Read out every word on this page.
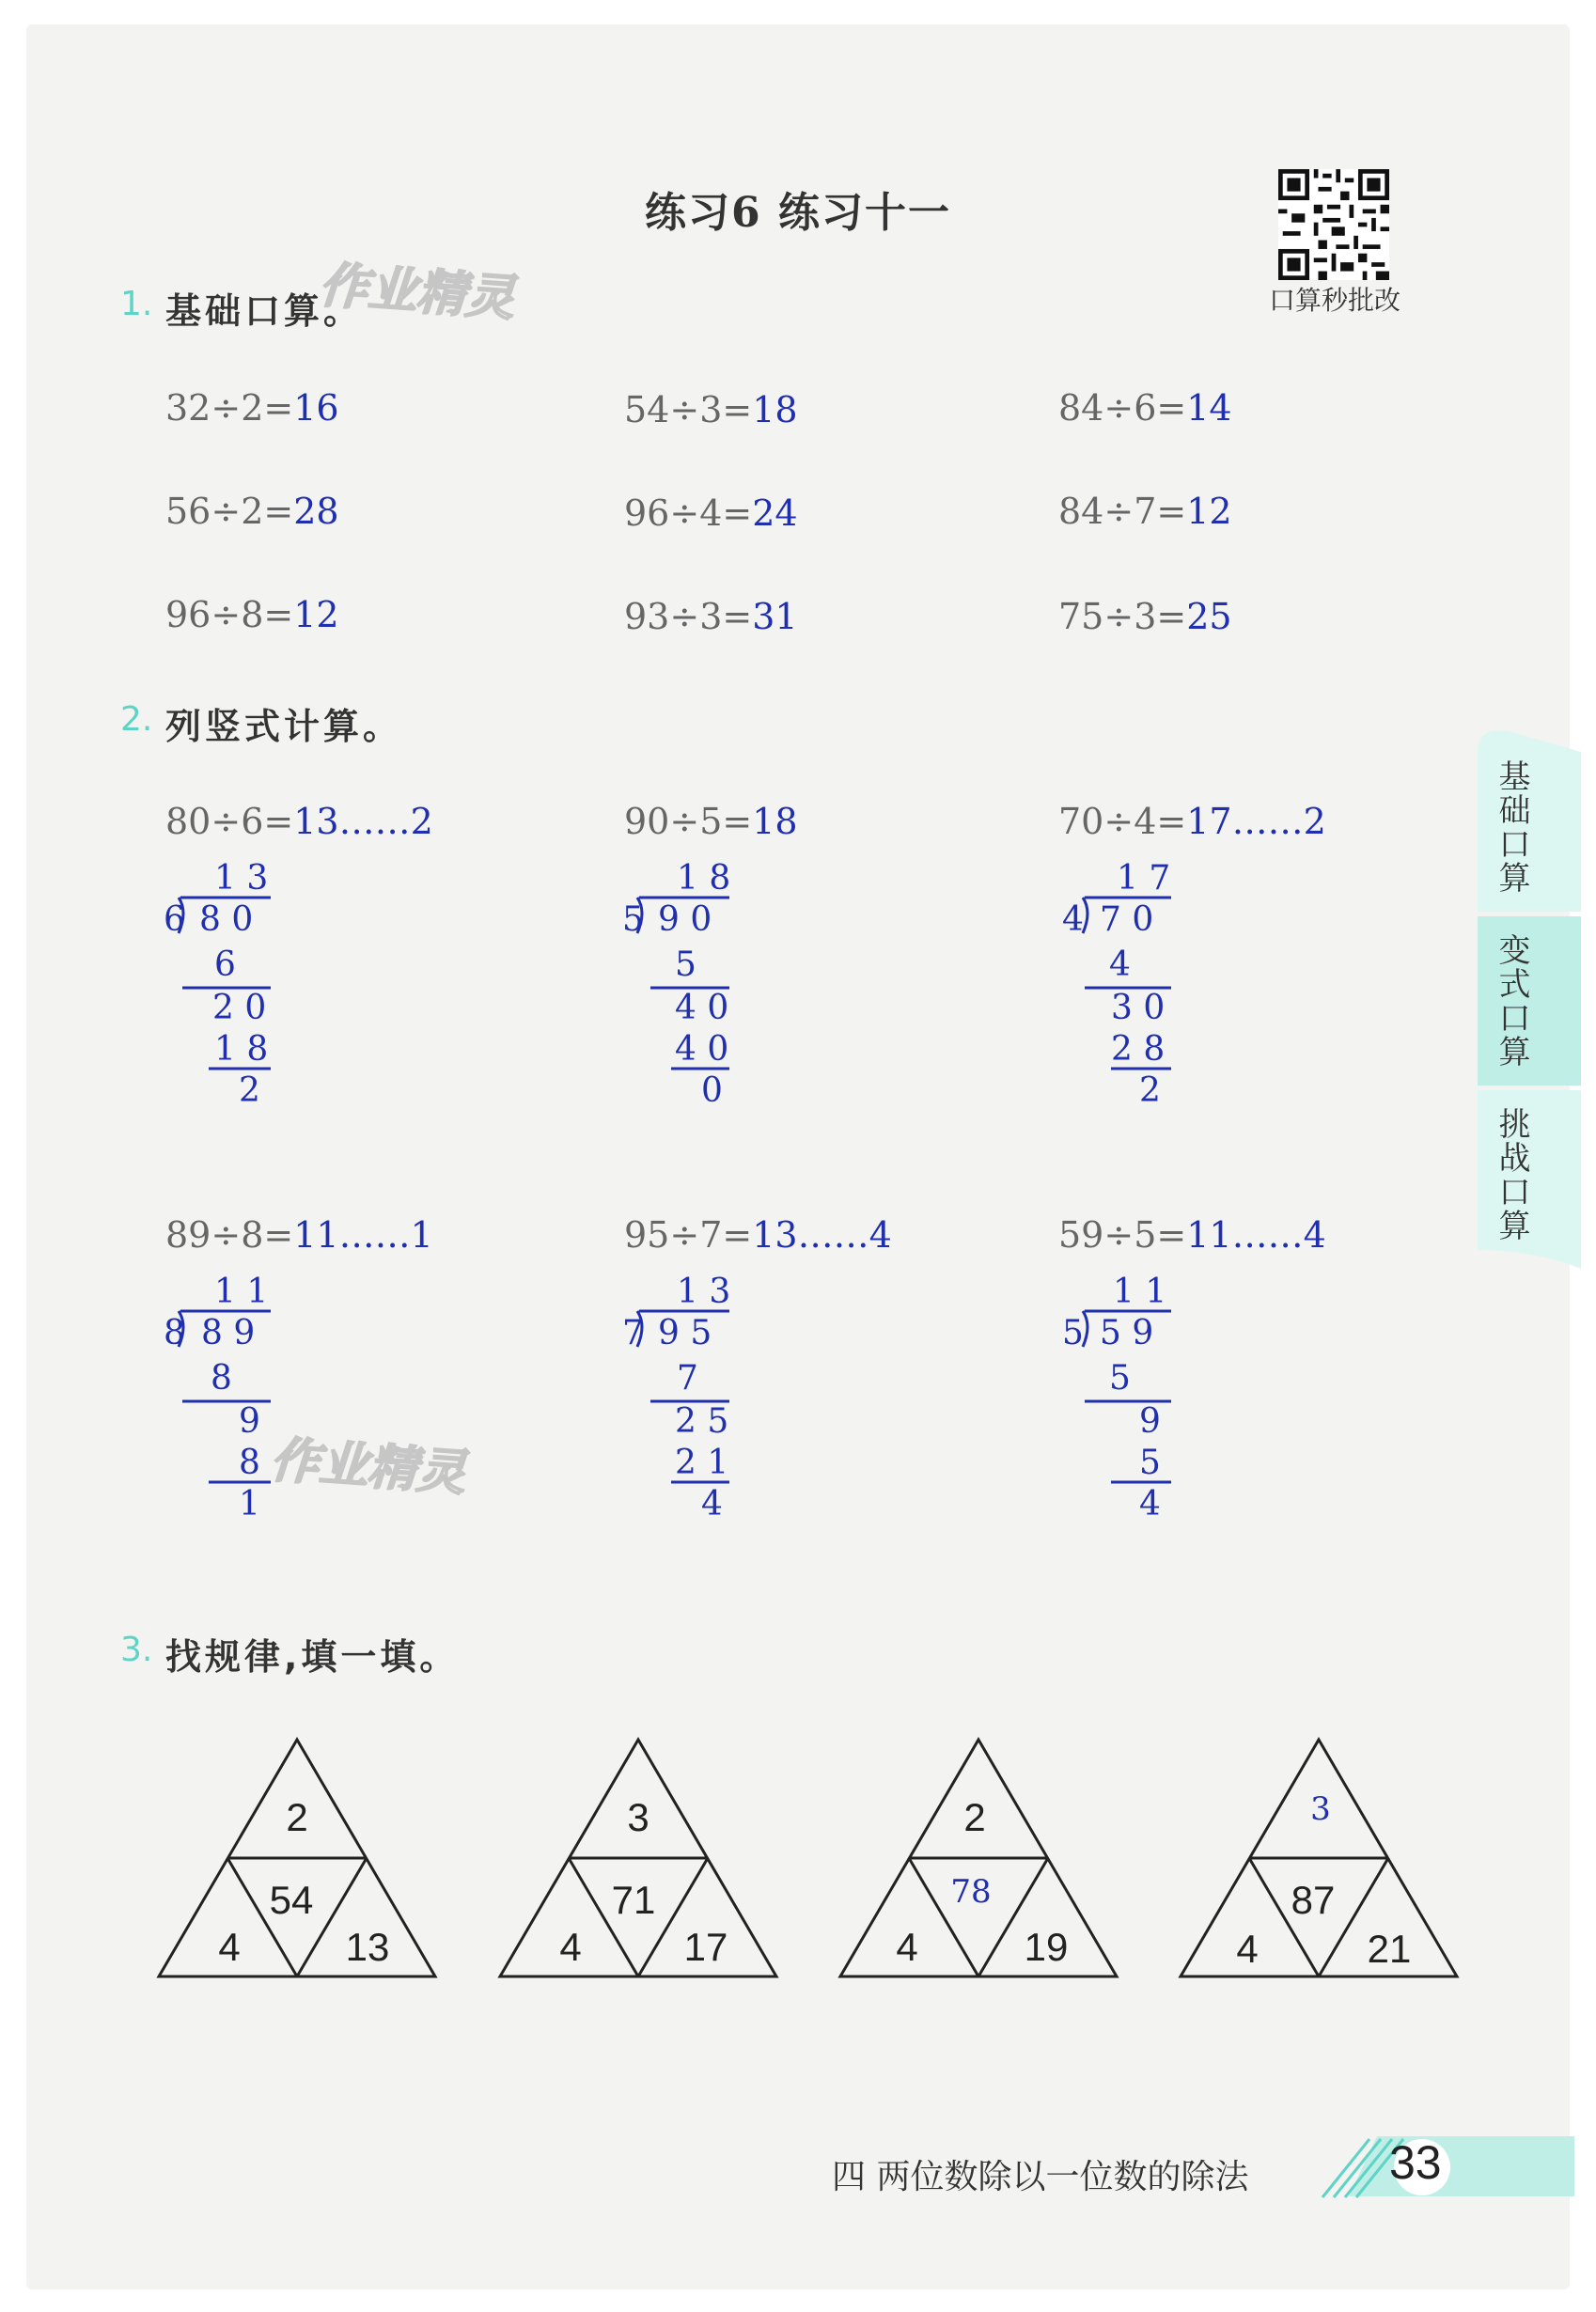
练习6 练习十一
口算秒批改
1. 基础口算。
作业精灵
2. 列竖式计算。
3. 找规律,填一填。
32÷2=16	54÷3=18	84÷6=14
56÷2=28	96÷4=24	84÷7=12
96÷8=12	93÷3=31	75÷3=25
80÷6=13……2	90÷5=18	70÷4=17……2
89÷8=11……1	95÷7=13……4	59÷5=11……4
1 3
6 8 0
6
2 0
1 8
2
1 8
5 9 0
5
4 0
4 0
0
1 7
4 7 0
4
3 0
2 8
2
1 1
8 8 9
8
9
8
1
作业精灵
1 3
7 9 5
7
2 5
2 1
4
1 1
5 5 9
5
9
5
4
基础口算
变式口算
挑战口算
2
54
4	13
3
71
4	17
2
78
4	19
3
87
4	21
四 两位数除以一位数的除法	33
